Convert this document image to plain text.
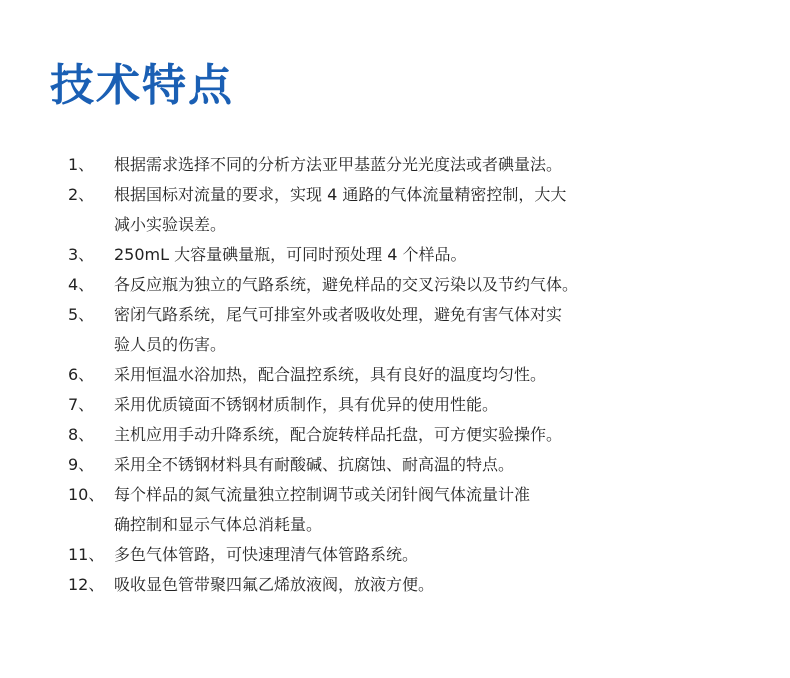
技术特点
1、 根据需求选择不同的分析方法亚甲基蓝分光光度法或者碘量法。
2、 根据国标对流量的要求，实现 4 通路的气体流量精密控制，大大
减小实验误差。
3、 250mL 大容量碘量瓶，可同时预处理 4 个样品。
4、 各反应瓶为独立的气路系统，避免样品的交叉污染以及节约气体。
5、 密闭气路系统，尾气可排室外或者吸收处理，避免有害气体对实
验人员的伤害。
6、 采用恒温水浴加热，配合温控系统，具有良好的温度均匀性。
7、 采用优质镜面不锈钢材质制作，具有优异的使用性能。
8、 主机应用手动升降系统，配合旋转样品托盘，可方便实验操作。
9、 采用全不锈钢材料具有耐酸碱、抗腐蚀、耐高温的特点。
10、 每个样品的氮气流量独立控制调节或关闭针阀气体流量计准
确控制和显示气体总消耗量。
11、 多色气体管路，可快速理清气体管路系统。
12、 吸收显色管带聚四氟乙烯放液阀，放液方便。
